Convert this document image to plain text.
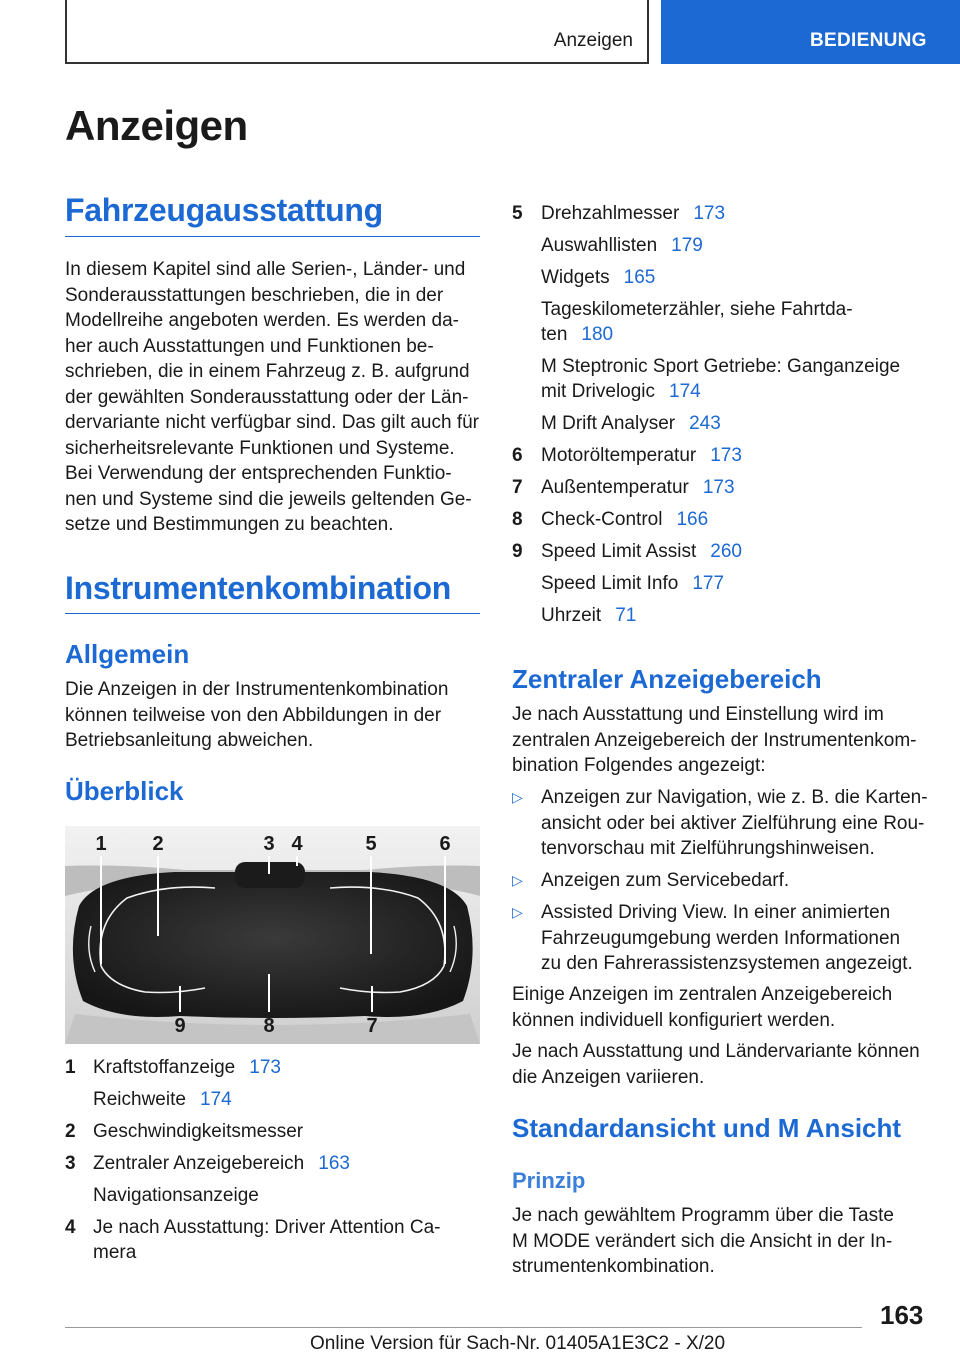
Anzeigen	BEDIENUNG
Anzeigen
Fahrzeugausstattung
In diesem Kapitel sind alle Serien-, Länder- und
Sonderausstattungen beschrieben, die in der
Modellreihe angeboten werden. Es werden da‐
her auch Ausstattungen und Funktionen be‐
schrieben, die in einem Fahrzeug z. B. aufgrund
der gewählten Sonderausstattung oder der Län‐
dervariante nicht verfügbar sind. Das gilt auch für
sicherheitsrelevante Funktionen und Systeme.
Bei Verwendung der entsprechenden Funktio‐
nen und Systeme sind die jeweils geltenden Ge‐
setze und Bestimmungen zu beachten.
Instrumentenkombination
Allgemein
Die Anzeigen in der Instrumentenkombination
können teilweise von den Abbildungen in der
Betriebsanleitung abweichen.
Überblick
1 2	3 4	5	6
9	8	7
1 Kraftstoffanzeige 173
Reichweite 174
2 Geschwindigkeitsmesser
3 Zentraler Anzeigebereich 163
Navigationsanzeige
4 Je nach Ausstattung: Driver Attention Ca‐
mera
5 Drehzahlmesser 173
Auswahllisten 179
Widgets 165
Tageskilometerzähler, siehe Fahrtda‐
ten 180
M Steptronic Sport Getriebe: Ganganzeige
mit Drivelogic 174
M Drift Analyser 243
6 Motoröltemperatur 173
7 Außentemperatur 173
8 Check-Control 166
9 Speed Limit Assist 260
Speed Limit Info 177
Uhrzeit 71
Zentraler Anzeigebereich
Je nach Ausstattung und Einstellung wird im
zentralen Anzeigebereich der Instrumentenkom‐
bination Folgendes angezeigt:
▷ Anzeigen zur Navigation, wie z. B. die Karten‐
ansicht oder bei aktiver Zielführung eine Rou‐
tenvorschau mit Zielführungshinweisen.
▷ Anzeigen zum Servicebedarf.
▷ Assisted Driving View. In einer animierten
Fahrzeugumgebung werden Informationen
zu den Fahrerassistenzsystemen angezeigt.
Einige Anzeigen im zentralen Anzeigebereich
können individuell konfiguriert werden.
Je nach Ausstattung und Ländervariante können
die Anzeigen variieren.
Standardansicht und M Ansicht
Prinzip
Je nach gewähltem Programm über die Taste
M MODE verändert sich die Ansicht in der In‐
strumentenkombination.
163
Online Version für Sach-Nr. 01405A1E3C2 - X/20
